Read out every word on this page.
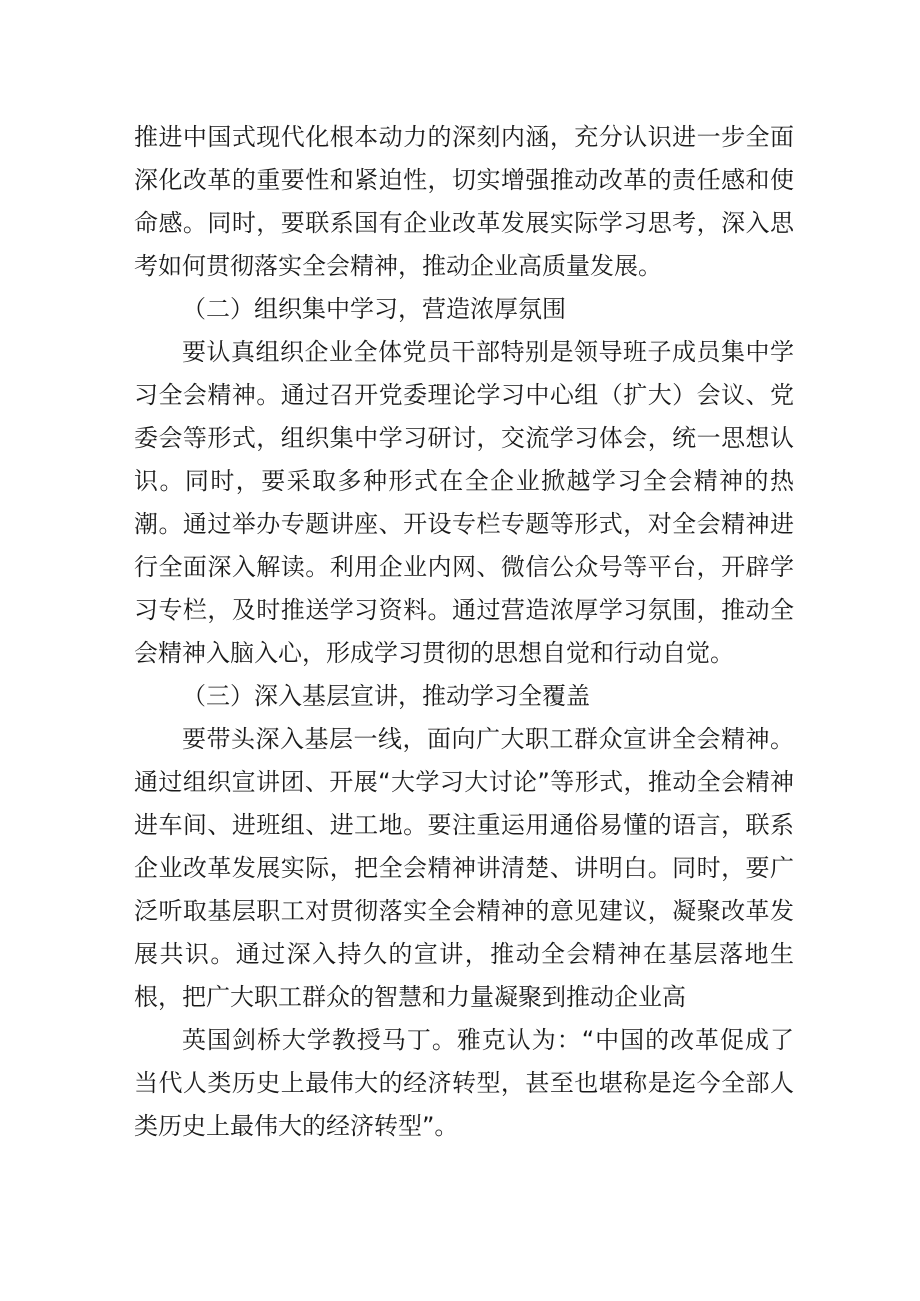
推进中国式现代化根本动力的深刻内涵，充分认识进一步全面深化改革的重要性和紧迫性，切实增强推动改革的责任感和使命感。同时，要联系国有企业改革发展实际学习思考，深入思考如何贯彻落实全会精神，推动企业高质量发展。

（二）组织集中学习，营造浓厚氛围

要认真组织企业全体党员干部特别是领导班子成员集中学习全会精神。通过召开党委理论学习中心组（扩大）会议、党委会等形式，组织集中学习研讨，交流学习体会，统一思想认识。同时，要采取多种形式在全企业掀越学习全会精神的热潮。通过举办专题讲座、开设专栏专题等形式，对全会精神进行全面深入解读。利用企业内网、微信公众号等平台，开辟学习专栏，及时推送学习资料。通过营造浓厚学习氛围，推动全会精神入脑入心，形成学习贯彻的思想自觉和行动自觉。

（三）深入基层宣讲，推动学习全覆盖

要带头深入基层一线，面向广大职工群众宣讲全会精神。通过组织宣讲团、开展“大学习大讨论”等形式，推动全会精神进车间、进班组、进工地。要注重运用通俗易懂的语言，联系企业改革发展实际，把全会精神讲清楚、讲明白。同时，要广泛听取基层职工对贯彻落实全会精神的意见建议，凝聚改革发展共识。通过深入持久的宣讲，推动全会精神在基层落地生根，把广大职工群众的智慧和力量凝聚到推动企业高

英国剑桥大学教授马丁。雅克认为：“中国的改革促成了当代人类历史上最伟大的经济转型，甚至也堪称是迄今全部人类历史上最伟大的经济转型”。
